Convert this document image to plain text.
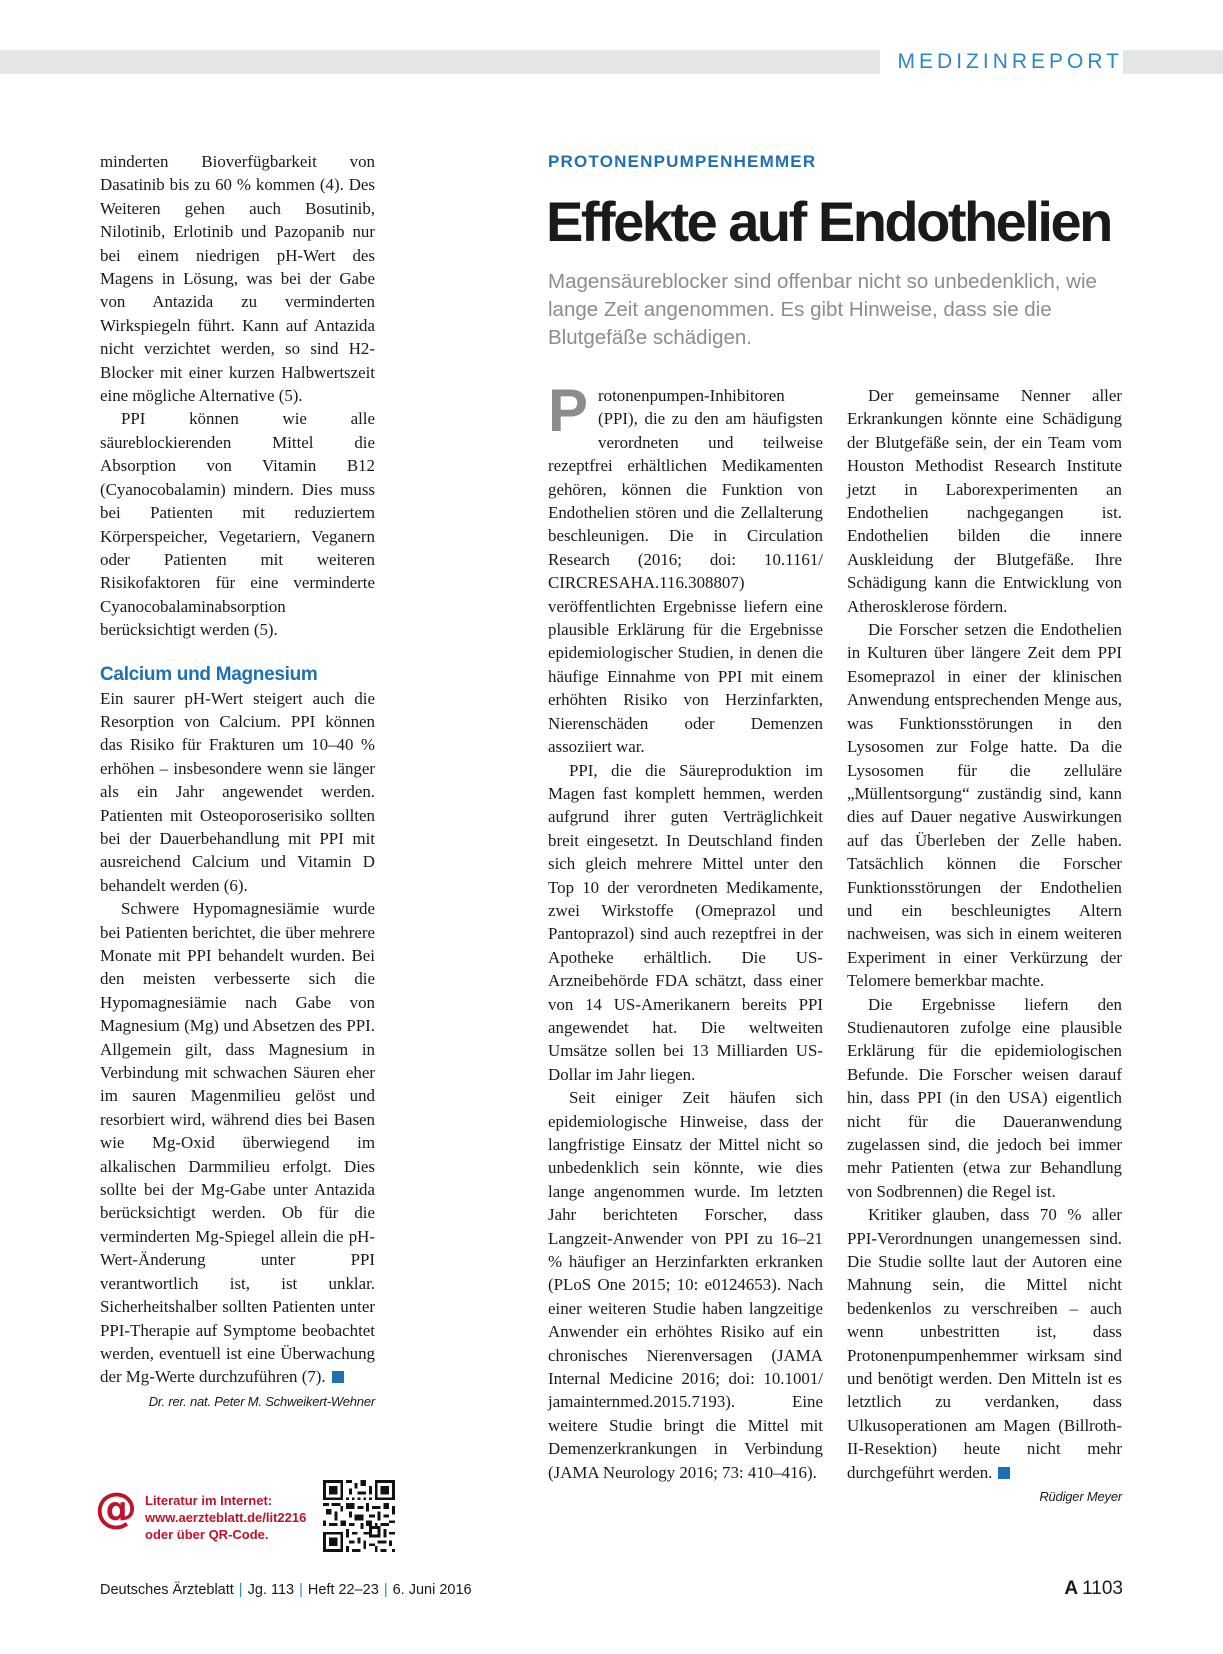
MEDIZINREPORT

minderten Bioverfügbarkeit von Dasatinib bis zu 60 % kommen (4). Des Weiteren gehen auch Bosutinib, Nilotinib, Erlotinib und Pazopanib nur bei einem niedrigen pH-Wert des Magens in Lösung, was bei der Gabe von Antazida zu verminderten Wirkspiegeln führt. Kann auf Antazida nicht verzichtet werden, so sind H2-Blocker mit einer kurzen Halbwertszeit eine mögliche Alternative (5).

PPI können wie alle säureblockierenden Mittel die Absorption von Vitamin B12 (Cyanocobalamin) mindern. Dies muss bei Patienten mit reduziertem Körperspeicher, Vegetariern, Veganern oder Patienten mit weiteren Risikofaktoren für eine verminderte Cyanocobalaminabsorption berücksichtigt werden (5).

Calcium und Magnesium

Ein saurer pH-Wert steigert auch die Resorption von Calcium. PPI können das Risiko für Frakturen um 10–40 % erhöhen – insbesondere wenn sie länger als ein Jahr angewendet werden. Patienten mit Osteoporoserisiko sollten bei der Dauerbehandlung mit PPI mit ausreichend Calcium und Vitamin D behandelt werden (6).

Schwere Hypomagnesiämie wurde bei Patienten berichtet, die über mehrere Monate mit PPI behandelt wurden. Bei den meisten verbesserte sich die Hypomagnesiämie nach Gabe von Magnesium (Mg) und Absetzen des PPI. Allgemein gilt, dass Magnesium in Verbindung mit schwachen Säuren eher im sauren Magenmilieu gelöst und resorbiert wird, während dies bei Basen wie Mg-Oxid überwiegend im alkalischen Darmmilieu erfolgt. Dies sollte bei der Mg-Gabe unter Antazida berücksichtigt werden. Ob für die verminderten Mg-Spiegel allein die pH-Wert-Änderung unter PPI verantwortlich ist, ist unklar. Sicherheitshalber sollten Patienten unter PPI-Therapie auf Symptome beobachtet werden, eventuell ist eine Überwachung der Mg-Werte durchzuführen (7).

Dr. rer. nat. Peter M. Schweikert-Wehner
@ Literatur im Internet:
www.aerzteblatt.de/lit2216
oder über QR-Code.
PROTONENPUMPENHEMMER
Effekte auf Endothelien

Magensäureblocker sind offenbar nicht so unbedenklich, wie lange Zeit angenommen. Es gibt Hinweise, dass sie die Blutgefäße schädigen.

Protonenpumpen-Inhibitoren (PPI), die zu den am häufigsten verordneten und teilweise rezeptfrei erhältlichen Medikamenten gehören, können die Funktion von Endothelien stören und die Zellalterung beschleunigen. Die in Circulation Research (2016; doi: 10.1161/ CIRCRESAHA.116.308807) veröffentlichten Ergebnisse liefern eine plausible Erklärung für die Ergebnisse epidemiologischer Studien, in denen die häufige Einnahme von PPI mit einem erhöhten Risiko von Herzinfarkten, Nierenschäden oder Demenzen assoziiert war.

PPI, die die Säureproduktion im Magen fast komplett hemmen, werden aufgrund ihrer guten Verträglichkeit breit eingesetzt. In Deutschland finden sich gleich mehrere Mittel unter den Top 10 der verordneten Medikamente, zwei Wirkstoffe (Omeprazol und Pantoprazol) sind auch rezeptfrei in der Apotheke erhältlich. Die US-Arzneibehörde FDA schätzt, dass einer von 14 US-Amerikanern bereits PPI angewendet hat. Die weltweiten Umsätze sollen bei 13 Milliarden US-Dollar im Jahr liegen.

Seit einiger Zeit häufen sich epidemiologische Hinweise, dass der langfristige Einsatz der Mittel nicht so unbedenklich sein könnte, wie dies lange angenommen wurde. Im letzten Jahr berichteten Forscher, dass Langzeit-Anwender von PPI zu 16–21 % häufiger an Herzinfarkten erkranken (PLoS One 2015; 10: e0124653). Nach einer weiteren Studie haben langzeitige Anwender ein erhöhtes Risiko auf ein chronisches Nierenversagen (JAMA Internal Medicine 2016; doi: 10.1001/ jamainternmed.2015.7193). Eine weitere Studie bringt die Mittel mit Demenzerkrankungen in Verbindung (JAMA Neurology 2016; 73: 410–416).

Der gemeinsame Nenner aller Erkrankungen könnte eine Schädigung der Blutgefäße sein, der ein Team vom Houston Methodist Research Institute jetzt in Laborexperimenten an Endothelien nachgegangen ist. Endothelien bilden die innere Auskleidung der Blutgefäße. Ihre Schädigung kann die Entwicklung von Atherosklerose fördern.

Die Forscher setzen die Endothelien in Kulturen über längere Zeit dem PPI Esomeprazol in einer der klinischen Anwendung entsprechenden Menge aus, was Funktionsstörungen in den Lysosomen zur Folge hatte. Da die Lysosomen für die zelluläre „Müllentsorgung“ zuständig sind, kann dies auf Dauer negative Auswirkungen auf das Überleben der Zelle haben. Tatsächlich können die Forscher Funktionsstörungen der Endothelien und ein beschleunigtes Altern nachweisen, was sich in einem weiteren Experiment in einer Verkürzung der Telomere bemerkbar machte.

Die Ergebnisse liefern den Studienautoren zufolge eine plausible Erklärung für die epidemiologischen Befunde. Die Forscher weisen darauf hin, dass PPI (in den USA) eigentlich nicht für die Daueranwendung zugelassen sind, die jedoch bei immer mehr Patienten (etwa zur Behandlung von Sodbrennen) die Regel ist.

Kritiker glauben, dass 70 % aller PPI-Verordnungen unangemessen sind. Die Studie sollte laut der Autoren eine Mahnung sein, die Mittel nicht bedenkenlos zu verschreiben – auch wenn unbestritten ist, dass Protonenpumpenhemmer wirksam sind und benötigt werden. Den Mitteln ist es letztlich zu verdanken, dass Ulkusoperationen am Magen (Billroth-II-Resektion) heute nicht mehr durchgeführt werden.

Rüdiger Meyer
Deutsches Ärzteblatt | Jg. 113 | Heft 22–23 | 6. Juni 2016	A 1103
